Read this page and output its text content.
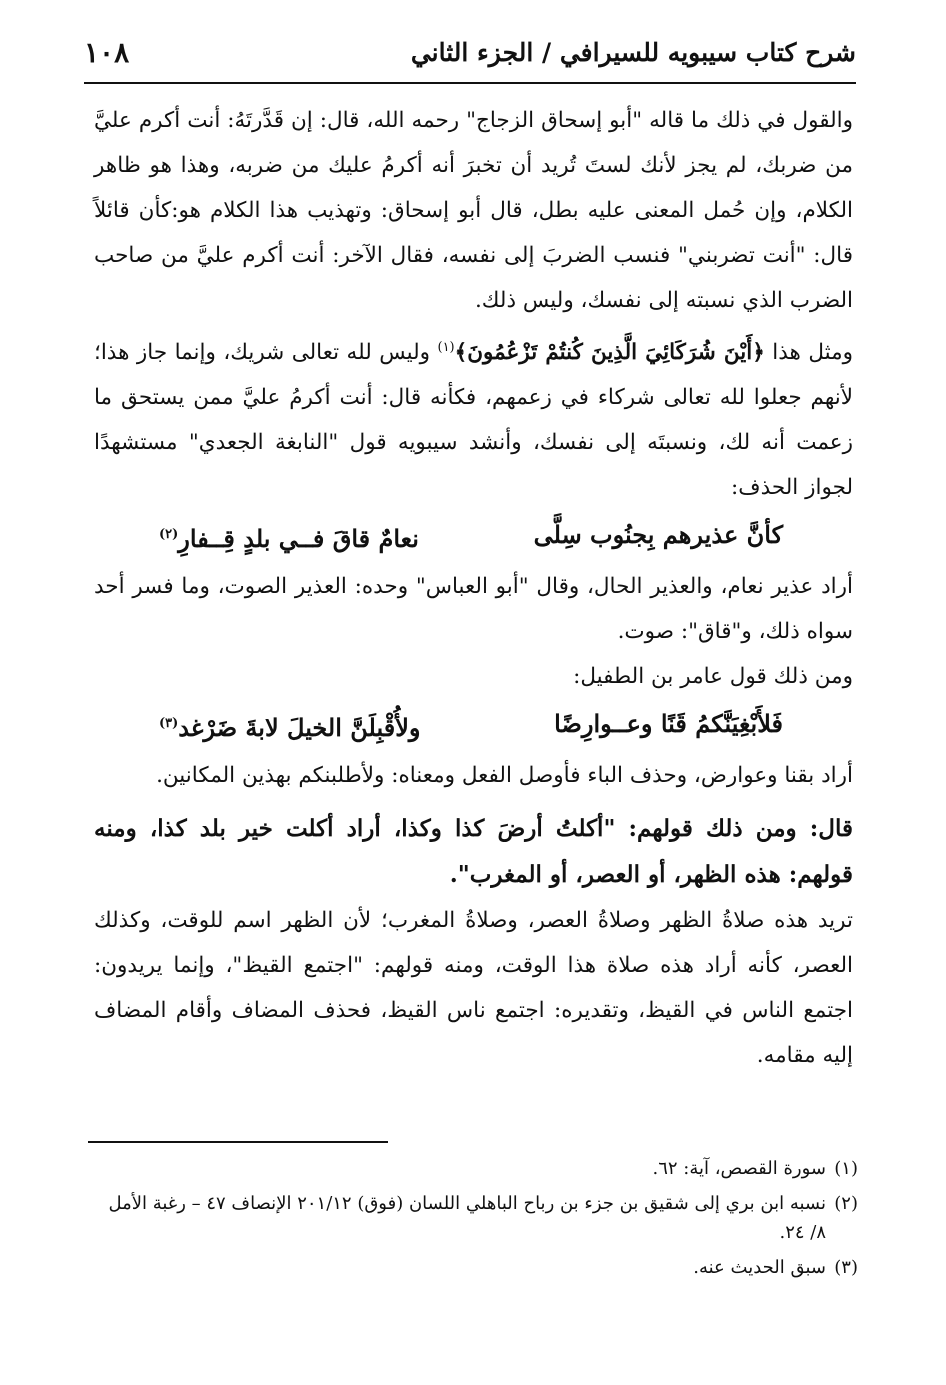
شرح كتاب سيبويه للسيرافي / الجزء الثاني
١٠٨

والقول في ذلك ما قاله "أبو إسحاق الزجاج" رحمه الله، قال: إن قَدَّرتَهُ: أنت أكرم عليَّ من ضربك، لم يجز لأنك لستَ تُريد أن تخبرَ أنه أكرمُ عليك من ضربه، وهذا هو ظاهر الكلام، وإن حُمل المعنى عليه بطل، قال أبو إسحاق: وتهذيب هذا الكلام هو:كأن قائلاً قال: "أنت تضربني" فنسب الضربَ إلى نفسه، فقال الآخر: أنت أكرم عليَّ من صاحب الضرب الذي نسبته إلى نفسك، وليس ذلك.

ومثل هذا ﴿أَيْنَ شُرَكَائِيَ الَّذِينَ كُنتُمْ تَزْعُمُونَ﴾$^{(١)}$ وليس لله تعالى شريك، وإنما جاز هذا؛ لأنهم جعلوا لله تعالى شركاء في زعمهم، فكأنه قال: أنت أكرمُ عليَّ ممن يستحق ما زعمت أنه لك، ونسبتَه إلى نفسك، وأنشد سيبويه قول "النابغة الجعدي" مستشهدًا لجواز الحذف:

كأنَّ عذيرهم بِجنُوب سِلَّى
نعامٌ قاقَ فــي بلدٍ قِــفارِ$^{(٢)}$

أراد عذير نعام، والعذير الحال، وقال "أبو العباس" وحده: العذير الصوت، وما فسر أحد سواه ذلك، و"قاق": صوت.

ومن ذلك قول عامر بن الطفيل:

فَلأَبْغِيَنَّكمُ قَنًا وعــوارِضًا
ولأُقْبِلَنَّ الخيلَ لابةَ ضَرْغد$^{(٣)}$

أراد بقنا وعوارض، وحذف الباء فأوصل الفعل ومعناه: ولأطلبنكم بهذين المكانين.

قال: ومن ذلك قولهم: "أكلتُ أرضَ كذا وكذا، أراد أكلت خير بلد كذا، ومنه قولهم: هذه الظهر، أو العصر، أو المغرب".

تريد هذه صلاةُ الظهر وصلاةُ العصر، وصلاةُ المغرب؛ لأن الظهر اسم للوقت، وكذلك العصر، كأنه أراد هذه صلاة هذا الوقت، ومنه قولهم: "اجتمع القيظ"، وإنما يريدون: اجتمع الناس في القيظ، وتقديره: اجتمع ناس القيظ، فحذف المضاف وأقام المضاف إليه مقامه.

(١)
سورة القصص، آية: ٦٢.
(٢)
نسبه ابن بري إلى شقيق بن جزء بن رباح الباهلي اللسان (فوق) ٢٠١/١٢ الإنصاف ٤٧ – رغبة الأمل ٨/ ٢٤.
(٣)
سبق الحديث عنه.
